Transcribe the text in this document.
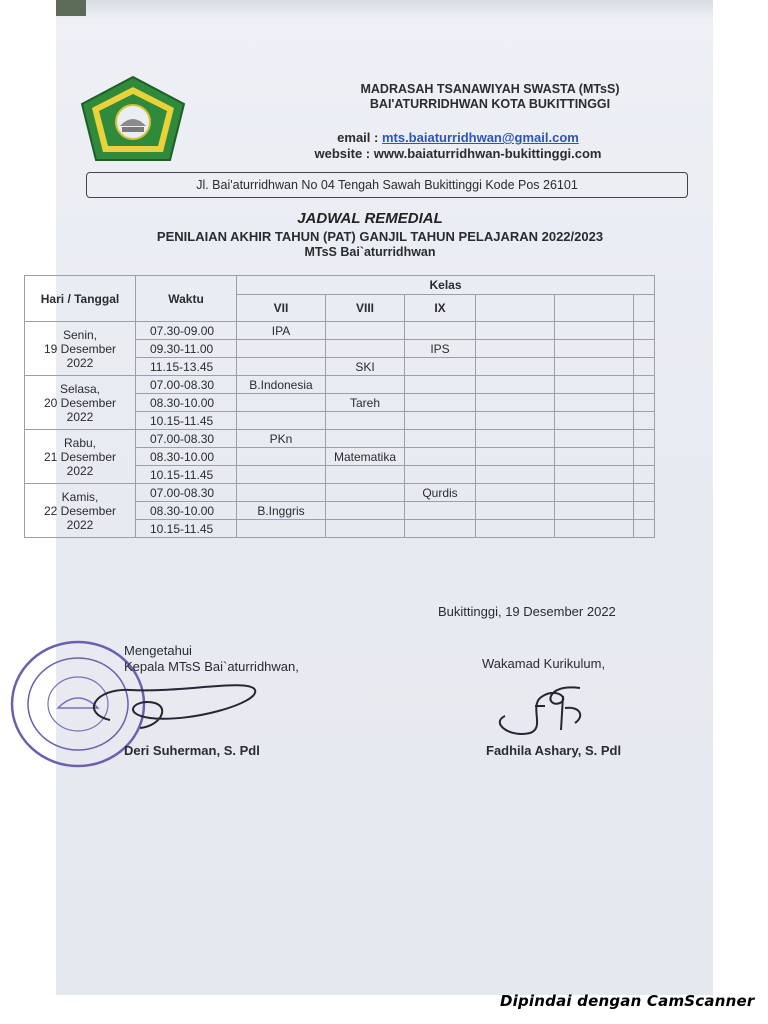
MADRASAH TSANAWIYAH SWASTA (MTsS)
BAI'ATURRIDHWAN KOTA BUKITTINGGI
email : mts.baiaturridhwan@gmail.com
website : www.baiaturridhwan-bukittinggi.com
Jl. Bai'aturridhwan No 04 Tengah Sawah Bukittinggi Kode Pos 26101
JADWAL REMEDIAL
PENILAIAN AKHIR TAHUN (PAT) GANJIL TAHUN PELAJARAN 2022/2023
MTsS Bai`aturridhwan
Hari / Tanggal	Waktu	Kelas					
		VII	VIII	IX			

Senin,
19 Desember
2022	07.30-09.00	IPA					
	09.30-11.00			IPS			
	11.15-13.45		SKI				

Selasa,
20 Desember
2022	07.00-08.30	B.Indonesia					
	08.30-10.00		Tareh				
	10.15-11.45						

Rabu,
21 Desember
2022	07.00-08.30	PKn					
	08.30-10.00		Matematika				
	10.15-11.45						

Kamis,
22 Desember
2022	07.00-08.30			Qurdis			
	08.30-10.00	B.Inggris					
	10.15-11.45						
Bukittinggi, 19 Desember 2022
Mengetahui
Kepala MTsS Bai`aturridhwan,
Deri Suherman, S. Pdl
Wakamad Kurikulum,
Fadhila Ashary, S. Pdl
Dipindai dengan CamScanner
